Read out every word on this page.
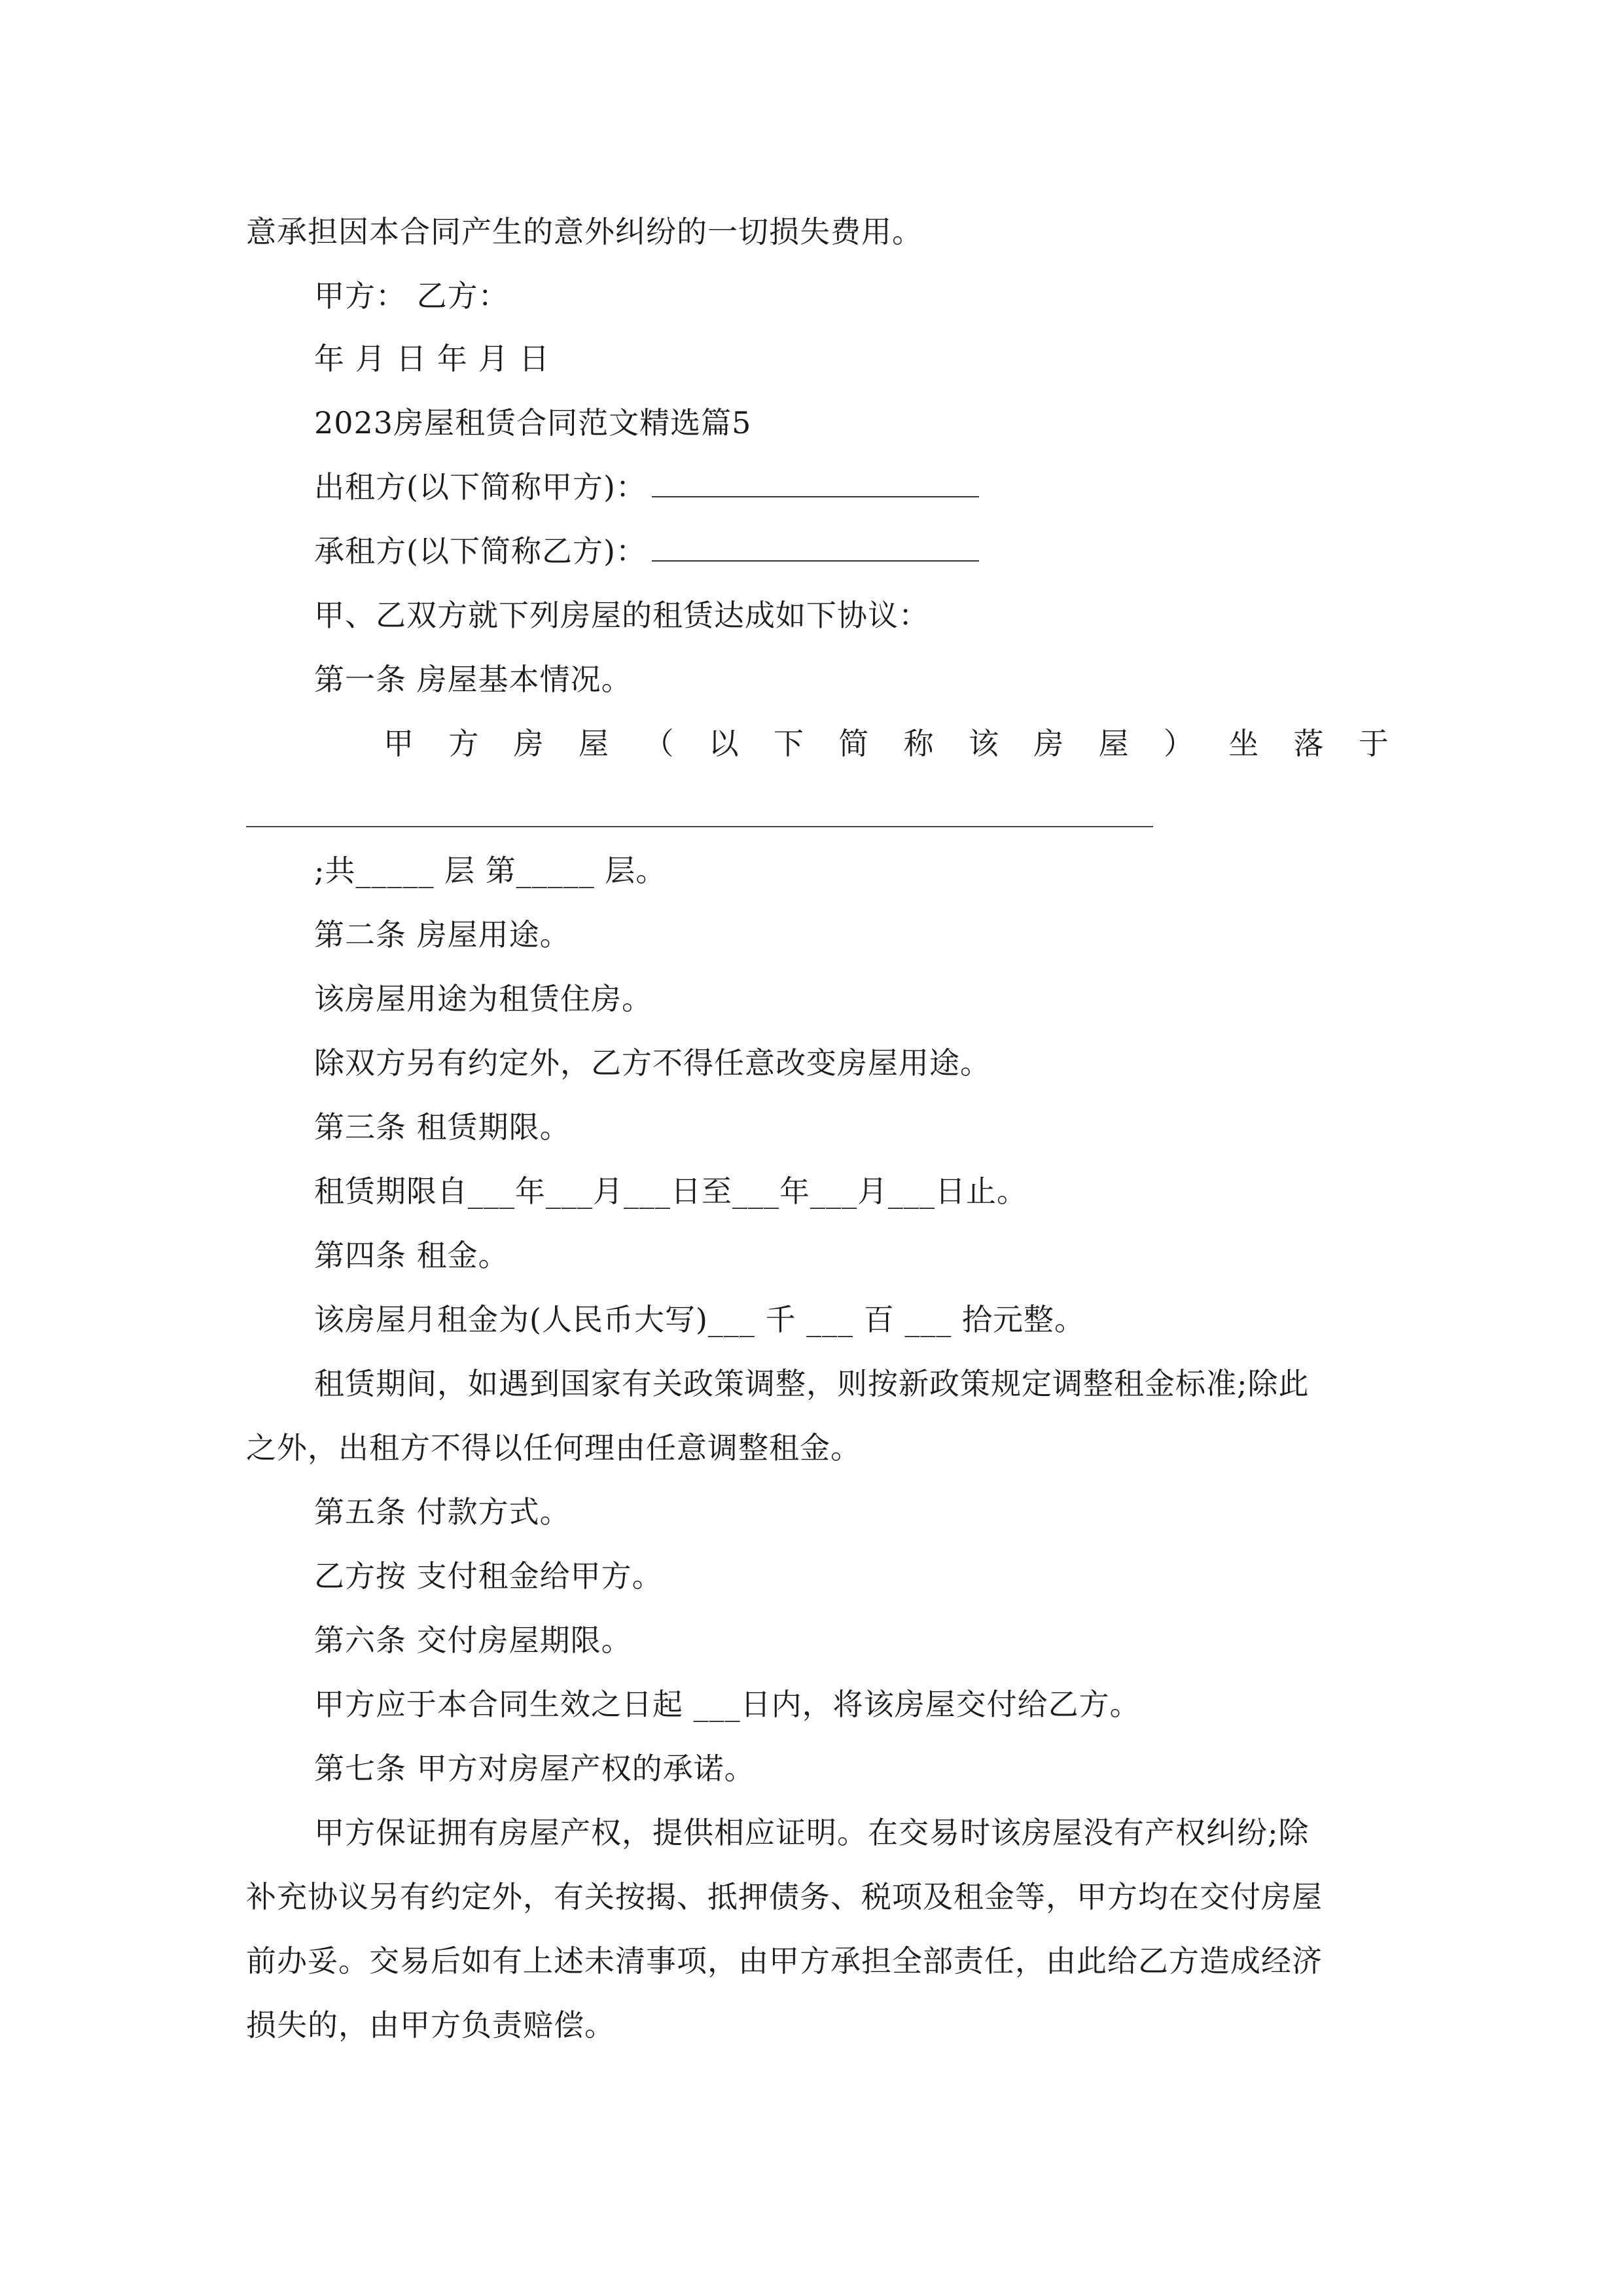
意承担因本合同产生的意外纠纷的一切损失费用。
甲方： 乙方：
年 月 日 年 月 日
2023房屋租赁合同范文精选篇5
出租方(以下简称甲方)：
承租方(以下简称乙方)：
甲、乙双方就下列房屋的租赁达成如下协议：
第一条 房屋基本情况。
甲 方 房 屋 （ 以 下 简 称 该 房 屋 ） 坐 落 于
;共_____ 层 第_____ 层。
第二条 房屋用途。
该房屋用途为租赁住房。
除双方另有约定外，乙方不得任意改变房屋用途。
第三条 租赁期限。
租赁期限自___年___月___日至___年___月___日止。
第四条 租金。
该房屋月租金为(人民币大写)___ 千 ___ 百 ___ 拾元整。
租赁期间，如遇到国家有关政策调整，则按新政策规定调整租金标准;除此
之外，出租方不得以任何理由任意调整租金。
第五条 付款方式。
乙方按 支付租金给甲方。
第六条 交付房屋期限。
甲方应于本合同生效之日起 ___日内，将该房屋交付给乙方。
第七条 甲方对房屋产权的承诺。
甲方保证拥有房屋产权，提供相应证明。在交易时该房屋没有产权纠纷;除
补充协议另有约定外，有关按揭、抵押债务、税项及租金等，甲方均在交付房屋
前办妥。交易后如有上述未清事项，由甲方承担全部责任，由此给乙方造成经济
损失的，由甲方负责赔偿。
